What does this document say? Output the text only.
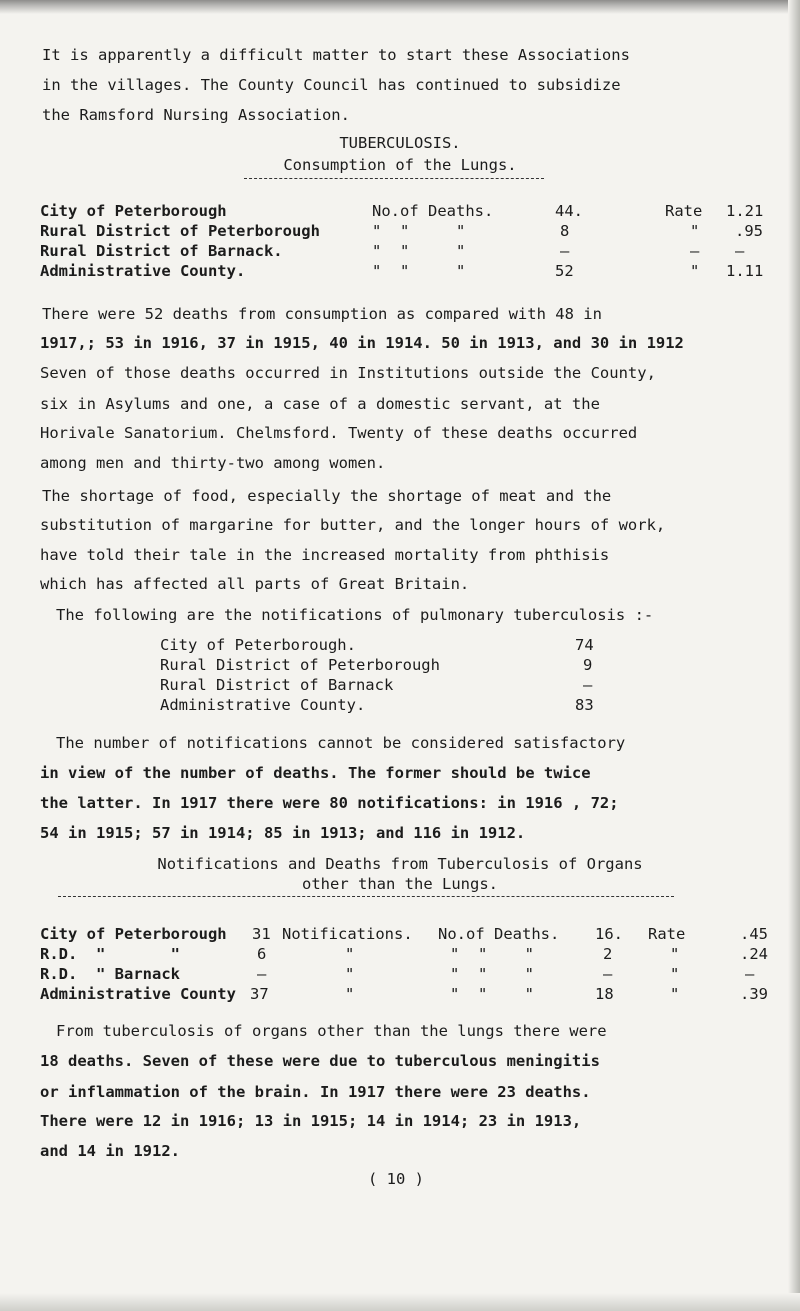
It is apparently a difficult matter to start these Associations
in the villages. The County Council has continued to subsidize
the Ramsford Nursing Association.
TUBERCULOSIS.
Consumption of the Lungs.
City of Peterborough	No.of Deaths.	44.	Rate 1.21
Rural District of Peterborough	"  "     "	8	" .95
Rural District of Barnack.	"  "     "	–	– –
Administrative County.	"  "     "	52	" 1.11
There were 52 deaths from consumption as compared with 48 in
1917,; 53 in 1916, 37 in 1915, 40 in 1914. 50 in 1913, and 30 in 1912
Seven of those deaths occurred in Institutions outside the County,
six in Asylums and one, a case of a domestic servant, at the
Horivale Sanatorium. Chelmsford. Twenty of these deaths occurred
among men and thirty-two among women.
The shortage of food, especially the shortage of meat and the
substitution of margarine for butter, and the longer hours of work,
have told their tale in the increased mortality from phthisis
which has affected all parts of Great Britain.
The following are the notifications of pulmonary tuberculosis :-
City of Peterborough.	74
Rural District of Peterborough	9
Rural District of Barnack	–
Administrative County.	83
The number of notifications cannot be considered satisfactory
in view of the number of deaths. The former should be twice
the latter. In 1917 there were 80 notifications: in 1916 , 72;
54 in 1915; 57 in 1914; 85 in 1913; and 116 in 1912.
Notifications and Deaths from Tuberculosis of Organs
other than the Lungs.
City of Peterborough 31 Notifications. No.of Deaths. 16. Rate	.45
R.D.  "       "	6	"	"  "    "	2	"	.24
R.D.  " Barnack	–	"	"  "    "	–	"	–
Administrative County 37	"	"  "    "	18	"	.39
From tuberculosis of organs other than the lungs there were
18 deaths. Seven of these were due to tuberculous meningitis
or inflammation of the brain. In 1917 there were 23 deaths.
There were 12 in 1916; 13 in 1915; 14 in 1914; 23 in 1913,
and 14 in 1912.
( 10 )
